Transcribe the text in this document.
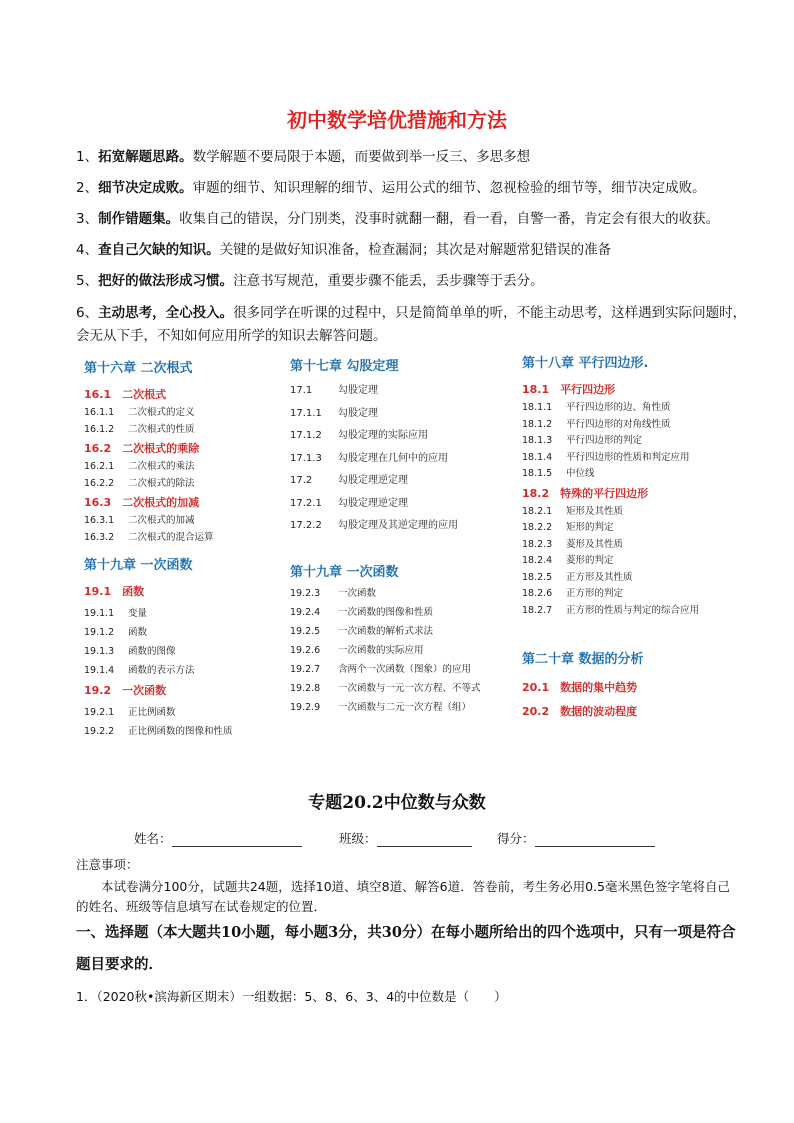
初中数学培优措施和方法
1、拓宽解题思路。数学解题不要局限于本题，而要做到举一反三、多思多想
2、细节决定成败。审题的细节、知识理解的细节、运用公式的细节、忽视检验的细节等，细节决定成败。
3、制作错题集。收集自己的错误，分门别类，没事时就翻一翻，看一看，自警一番，肯定会有很大的收获。
4、查自己欠缺的知识。关键的是做好知识准备，检查漏洞；其次是对解题常犯错误的准备
5、把好的做法形成习惯。注意书写规范，重要步骤不能丢，丢步骤等于丢分。
6、主动思考，全心投入。很多同学在听课的过程中，只是简简单单的听，不能主动思考，这样遇到实际问题时，会无从下手，不知如何应用所学的知识去解答问题。
第十六章 二次根式
16.1　二次根式
16.1.1 二次根式的定义
16.1.2 二次根式的性质
16.2　二次根式的乘除
16.2.1 二次根式的乘法
16.2.2 二次根式的除法
16.3　二次根式的加减
16.3.1 二次根式的加减
16.3.2 二次根式的混合运算
第十九章 一次函数
19.1　函数
19.1.1 变量
19.1.2 函数
19.1.3 函数的图像
19.1.4 函数的表示方法
19.2　一次函数
19.2.1 正比例函数
19.2.2 正比例函数的图像和性质
第十七章 勾股定理
17.1	勾股定理
17.1.1 勾股定理
17.1.2 勾股定理的实际应用
17.1.3 勾股定理在几何中的应用
17.2	勾股定理逆定理
17.2.1 勾股定理逆定理
17.2.2 勾股定理及其逆定理的应用
第十九章 一次函数
19.2.3 一次函数
19.2.4 一次函数的图像和性质
19.2.5 一次函数的解析式求法
19.2.6 一次函数的实际应用
19.2.7 含两个一次函数（图象）的应用
19.2.8 一次函数与一元一次方程、不等式
19.2.9 一次函数与二元一次方程（组）
第十八章 平行四边形.
18.1　平行四边形
18.1.1 平行四边形的边、角性质
18.1.2 平行四边形的对角线性质
18.1.3 平行四边形的判定
18.1.4 平行四边形的性质和判定应用
18.1.5 中位线
18.2　特殊的平行四边形
18.2.1 矩形及其性质
18.2.2 矩形的判定
18.2.3 菱形及其性质
18.2.4 菱形的判定
18.2.5 正方形及其性质
18.2.6 正方形的判定
18.2.7 正方形的性质与判定的综合应用
第二十章 数据的分析
20.1　数据的集中趋势
20.2　数据的波动程度
专题20.2中位数与众数
姓名：	班级：	得分：
注意事项：
本试卷满分100分，试题共24题，选择10道、填空8道、解答6道．答卷前，考生务必用0.5毫米黑色签字笔将自己的姓名、班级等信息填写在试卷规定的位置．
一、选择题（本大题共10小题，每小题3分，共30分）在每小题所给出的四个选项中，只有一项是符合题目要求的．
1．（2020秋•滨海新区期末）一组数据：5、8、6、3、4的中位数是（　　）
